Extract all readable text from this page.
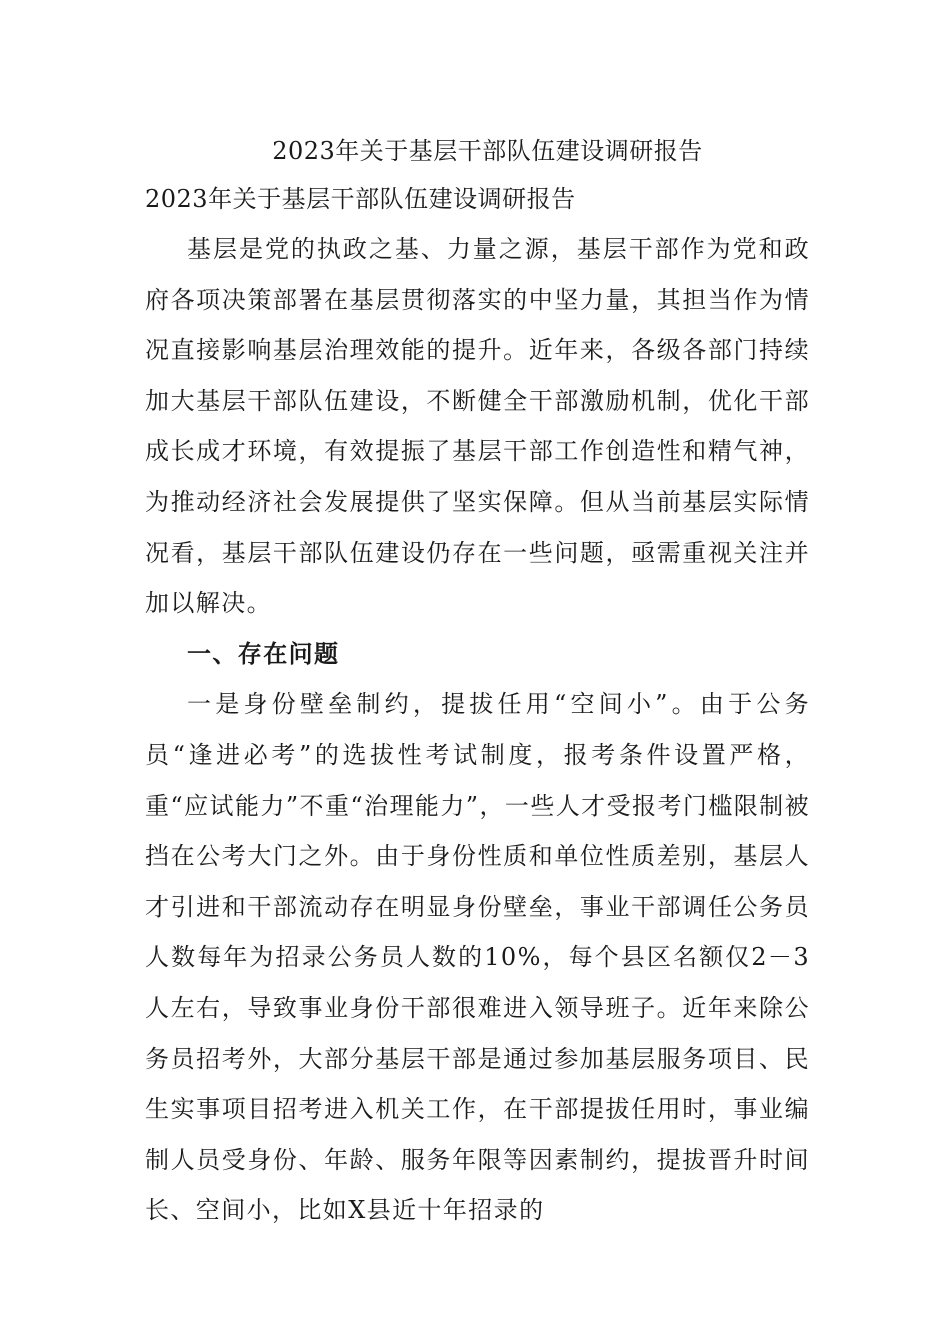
2023年关于基层干部队伍建设调研报告
2023年关于基层干部队伍建设调研报告

基层是党的执政之基、力量之源，基层干部作为党和政府各项决策部署在基层贯彻落实的中坚力量，其担当作为情况直接影响基层治理效能的提升。近年来，各级各部门持续加大基层干部队伍建设，不断健全干部激励机制，优化干部成长成才环境，有效提振了基层干部工作创造性和精气神，为推动经济社会发展提供了坚实保障。但从当前基层实际情况看，基层干部队伍建设仍存在一些问题，亟需重视关注并加以解决。

一、存在问题

一是身份壁垒制约，提拔任用“空间小”。由于公务员“逢进必考”的选拔性考试制度，报考条件设置严格，重“应试能力”不重“治理能力”，一些人才受报考门槛限制被挡在公考大门之外。由于身份性质和单位性质差别，基层人才引进和干部流动存在明显身份壁垒，事业干部调任公务员人数每年为招录公务员人数的10%，每个县区名额仅2－3人左右，导致事业身份干部很难进入领导班子。近年来除公务员招考外，大部分基层干部是通过参加基层服务项目、民生实事项目招考进入机关工作，在干部提拔任用时，事业编制人员受身份、年龄、服务年限等因素制约，提拔晋升时间长、空间小，比如X县近十年招录的
